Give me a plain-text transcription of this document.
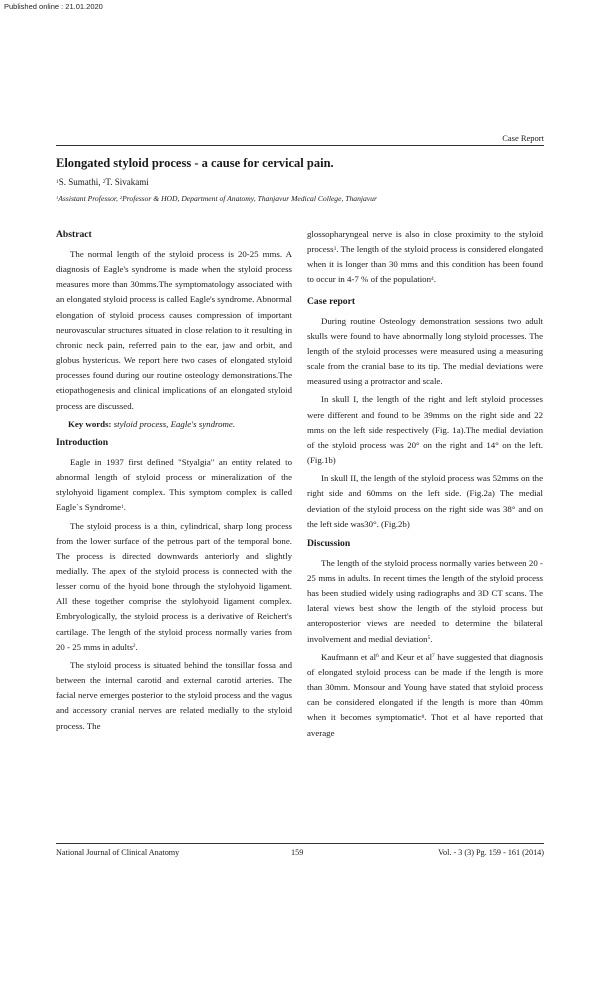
Published online : 21.01.2020
Case Report
Elongated styloid process - a cause for cervical pain.
$^1$S. Sumathi, $^2$T. Sivakami
$^1$Assistant Professor, $^2$Professor & HOD, Department of Anatomy, Thanjavur Medical College, Thanjavur
Abstract

The normal length of the styloid process is 20-25 mms. A diagnosis of Eagle's syndrome is made when the styloid process measures more than 30mms.The symptomatology associated with an elongated styloid process is called Eagle's syndrome. Abnormal elongation of styloid process causes compression of important neurovascular structures situated in close relation to it resulting in chronic neck pain, referred pain to the ear, jaw and orbit, and globus hystericus. We report here two cases of elongated styloid processes found during our routine osteology demonstrations.The etiopathogenesis and clinical implications of an elongated styloid process are discussed.

Key words: styloid process, Eagle's syndrome.

Introduction

Eagle in 1937 first defined "Styalgia" an entity related to abnormal length of styloid process or mineralization of the stylohyoid ligament complex. This symptom complex is called Eagle`s Syndrome$^1$.

The styloid process is a thin, cylindrical, sharp long process from the lower surface of the petrous part of the temporal bone. The process is directed downwards anteriorly and slightly medially. The apex of the styloid process is connected with the lesser cornu of the hyoid bone through the stylohyoid ligament. All these together comprise the stylohyoid ligament complex. Embryologically, the styloid process is a derivative of Reichert's cartilage. The length of the styloid process normally varies from 20 - 25 mms in adults$^2$.

The styloid process is situated behind the tonsillar fossa and between the internal carotid and external carotid arteries. The facial nerve emerges posterior to the styloid process and the vagus and accessory cranial nerves are related medially to the styloid process. The

glossopharyngeal nerve is also in close proximity to the styloid process$^3$. The length of the styloid process is considered elongated when it is longer than 30 mms and this condition has been found to occur in 4-7 % of the population$^4$.

Case report

During routine Osteology demonstration sessions two adult skulls were found to have abnormally long styloid processes. The length of the styloid processes were measured using a measuring scale from the cranial base to its tip. The medial deviations were measured using a protractor and scale.

In skull I, the length of the right and left styloid processes were different and found to be 39mms on the right side and 22 mms on the left side respectively (Fig. 1a).The medial deviation of the styloid process was 20° on the right and 14° on the left. (Fig.1b)

In skull II, the length of the styloid process was 52mms on the right side and 60mms on the left side. (Fig.2a) The medial deviation of the styloid process on the right side was 38° and on the left side was30°. (Fig.2b)

Discussion

The length of the styloid process normally varies between 20 - 25 mms in adults. In recent times the length of the styloid process has been studied widely using radiographs and 3D CT scans. The lateral views best show the length of the styloid process but anteroposterior views are needed to determine the bilateral involvement and medial deviation$^5$.

Kaufmann et $al^6$ and Keur et $al^7$ have suggested that diagnosis of elongated styloid process can be made if the length is more than 30mm. Monsour and Young have stated that styloid process can be considered elongated if the length is more than 40mm when it becomes symptomatic$^8$. Thot et al have reported that average

National Journal of Clinical Anatomy	159	Vol. - 3 (3) Pg. 159 - 161 (2014)
